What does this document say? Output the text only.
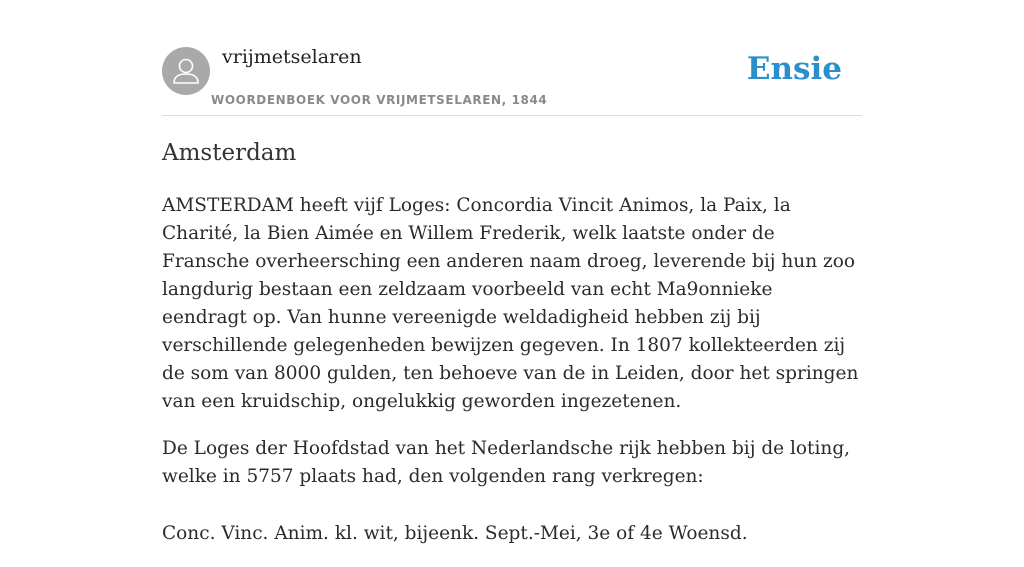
vrijmetselaren
WOORDENBOEK VOOR VRIJMETSELAREN, 1844
Ensie
Amsterdam

AMSTERDAM heeft vijf Loges: Concordia Vincit Animos, la Paix, la Charité, la Bien Aimée en Willem Frederik, welk laatste onder de Fransche overheersching een anderen naam droeg, leverende bij hun zoo langdurig bestaan een zeldzaam voorbeeld van echt Ma9onnieke eendragt op. Van hunne vereenigde weldadigheid hebben zij bij verschillende gelegenheden bewijzen gegeven. In 1807 kollekteerden zij de som van 8000 gulden, ten behoeve van de in Leiden, door het springen van een kruidschip, ongelukkig geworden ingezetenen.

De Loges der Hoofdstad van het Nederlandsche rijk hebben bij de loting, welke in 5757 plaats had, den volgenden rang verkregen:

Conc. Vinc. Anim. kl. wit, bijeenk. Sept.-Mei, 3e of 4e Woensd.
